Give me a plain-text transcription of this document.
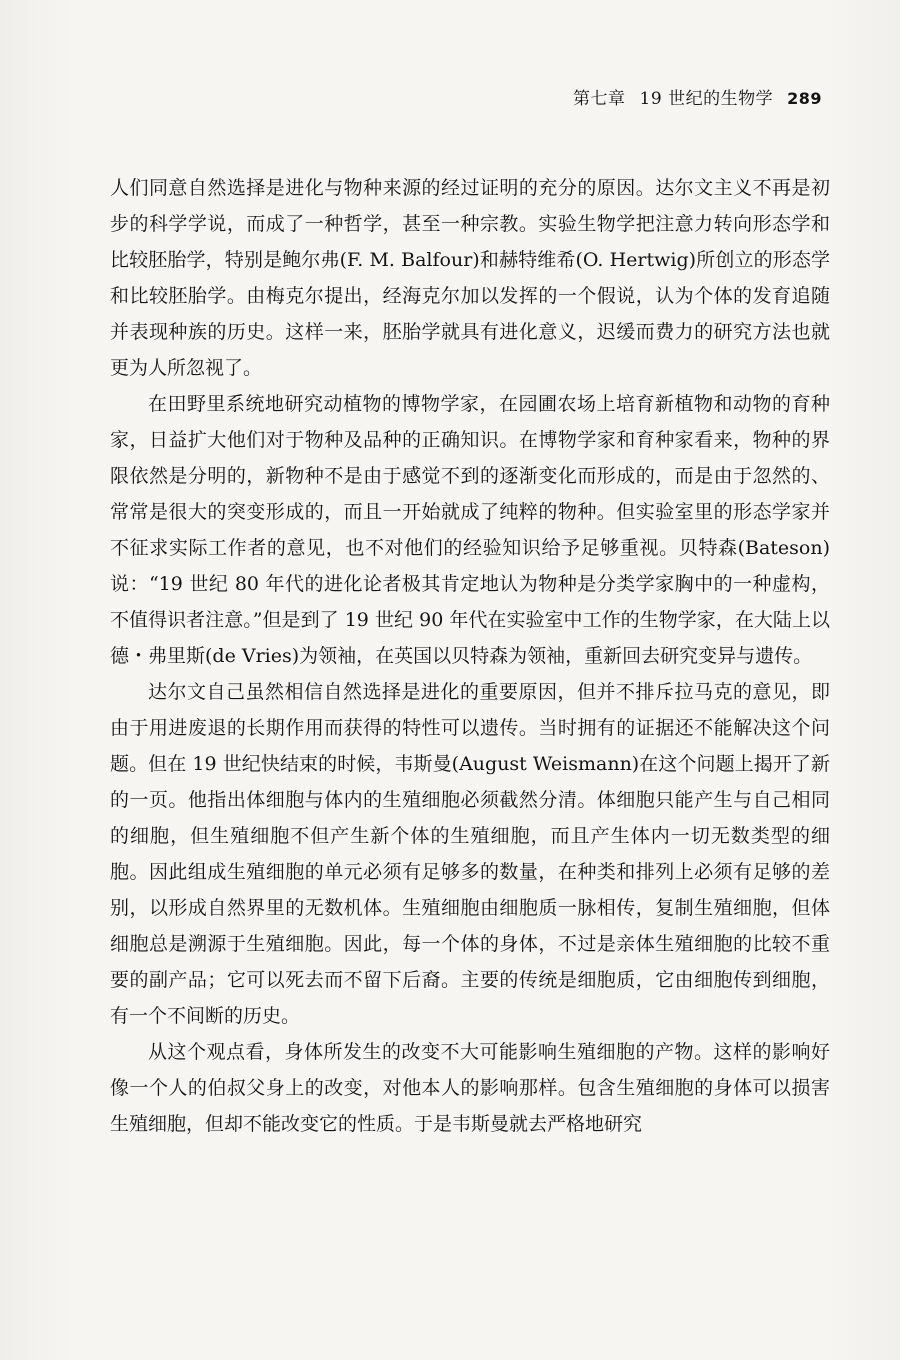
第七章 19 世纪的生物学 289

人们同意自然选择是进化与物种来源的经过证明的充分的原因。达尔文主义不再是初步的科学学说，而成了一种哲学，甚至一种宗教。实验生物学把注意力转向形态学和比较胚胎学，特别是鲍尔弗(F. M. Balfour)和赫特维希(O. Hertwig)所创立的形态学和比较胚胎学。由梅克尔提出，经海克尔加以发挥的一个假说，认为个体的发育追随并表现种族的历史。这样一来，胚胎学就具有进化意义，迟缓而费力的研究方法也就更为人所忽视了。

在田野里系统地研究动植物的博物学家，在园圃农场上培育新植物和动物的育种家，日益扩大他们对于物种及品种的正确知识。在博物学家和育种家看来，物种的界限依然是分明的，新物种不是由于感觉不到的逐渐变化而形成的，而是由于忽然的、常常是很大的突变形成的，而且一开始就成了纯粹的物种。但实验室里的形态学家并不征求实际工作者的意见，也不对他们的经验知识给予足够重视。贝特森(Bateson)说：“19 世纪 80 年代的进化论者极其肯定地认为物种是分类学家胸中的一种虚构，不值得识者注意。”但是到了 19 世纪 90 年代在实验室中工作的生物学家，在大陆上以德・弗里斯(de Vries)为领袖，在英国以贝特森为领袖，重新回去研究变异与遗传。

达尔文自己虽然相信自然选择是进化的重要原因，但并不排斥拉马克的意见，即由于用进废退的长期作用而获得的特性可以遗传。当时拥有的证据还不能解决这个问题。但在 19 世纪快结束的时候，韦斯曼(August Weismann)在这个问题上揭开了新的一页。他指出体细胞与体内的生殖细胞必须截然分清。体细胞只能产生与自己相同的细胞，但生殖细胞不但产生新个体的生殖细胞，而且产生体内一切无数类型的细胞。因此组成生殖细胞的单元必须有足够多的数量，在种类和排列上必须有足够的差别，以形成自然界里的无数机体。生殖细胞由细胞质一脉相传，复制生殖细胞，但体细胞总是溯源于生殖细胞。因此，每一个体的身体，不过是亲体生殖细胞的比较不重要的副产品；它可以死去而不留下后裔。主要的传统是细胞质，它由细胞传到细胞，有一个不间断的历史。

从这个观点看，身体所发生的改变不大可能影响生殖细胞的产物。这样的影响好像一个人的伯叔父身上的改变，对他本人的影响那样。包含生殖细胞的身体可以损害生殖细胞，但却不能改变它的性质。于是韦斯曼就去严格地研究
